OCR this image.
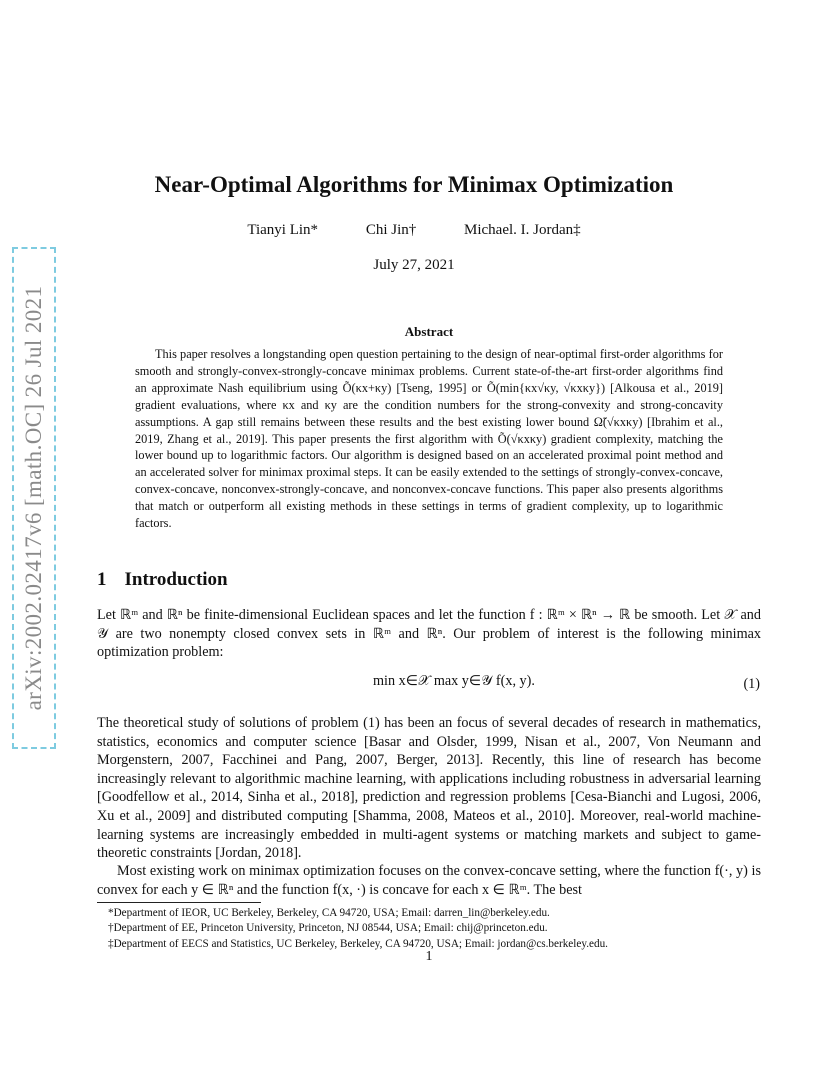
arXiv:2002.02417v6 [math.OC] 26 Jul 2021
Near-Optimal Algorithms for Minimax Optimization
Tianyi Lin*	Chi Jin†	Michael. I. Jordan‡
July 27, 2021
Abstract
This paper resolves a longstanding open question pertaining to the design of near-optimal first-order algorithms for smooth and strongly-convex-strongly-concave minimax problems. Current state-of-the-art first-order algorithms find an approximate Nash equilibrium using Õ(κx+κy) [Tseng, 1995] or Õ(min{κx√κy, √κxκy}) [Alkousa et al., 2019] gradient evaluations, where κx and κy are the condition numbers for the strong-convexity and strong-concavity assumptions. A gap still remains between these results and the best existing lower bound Ω̃(√κxκy) [Ibrahim et al., 2019, Zhang et al., 2019]. This paper presents the first algorithm with Õ(√κxκy) gradient complexity, matching the lower bound up to logarithmic factors. Our algorithm is designed based on an accelerated proximal point method and an accelerated solver for minimax proximal steps. It can be easily extended to the settings of strongly-convex-concave, convex-concave, nonconvex-strongly-concave, and nonconvex-concave functions. This paper also presents algorithms that match or outperform all existing methods in these settings in terms of gradient complexity, up to logarithmic factors.
1 Introduction
Let ℝᵐ and ℝⁿ be finite-dimensional Euclidean spaces and let the function f : ℝᵐ × ℝⁿ → ℝ be smooth. Let 𝒳 and 𝒴 are two nonempty closed convex sets in ℝᵐ and ℝⁿ. Our problem of interest is the following minimax optimization problem:
min x∈𝒳 max y∈𝒴 f(x, y).	(1)
The theoretical study of solutions of problem (1) has been an focus of several decades of research in mathematics, statistics, economics and computer science [Basar and Olsder, 1999, Nisan et al., 2007, Von Neumann and Morgenstern, 2007, Facchinei and Pang, 2007, Berger, 2013]. Recently, this line of research has become increasingly relevant to algorithmic machine learning, with applications including robustness in adversarial learning [Goodfellow et al., 2014, Sinha et al., 2018], prediction and regression problems [Cesa-Bianchi and Lugosi, 2006, Xu et al., 2009] and distributed computing [Shamma, 2008, Mateos et al., 2010]. Moreover, real-world machine-learning systems are increasingly embedded in multi-agent systems or matching markets and subject to game-theoretic constraints [Jordan, 2018].
Most existing work on minimax optimization focuses on the convex-concave setting, where the function f(·, y) is convex for each y ∈ ℝⁿ and the function f(x, ·) is concave for each x ∈ ℝᵐ. The best
*Department of IEOR, UC Berkeley, Berkeley, CA 94720, USA; Email: darren_lin@berkeley.edu.
†Department of EE, Princeton University, Princeton, NJ 08544, USA; Email: chij@princeton.edu.
‡Department of EECS and Statistics, UC Berkeley, Berkeley, CA 94720, USA; Email: jordan@cs.berkeley.edu.
1
